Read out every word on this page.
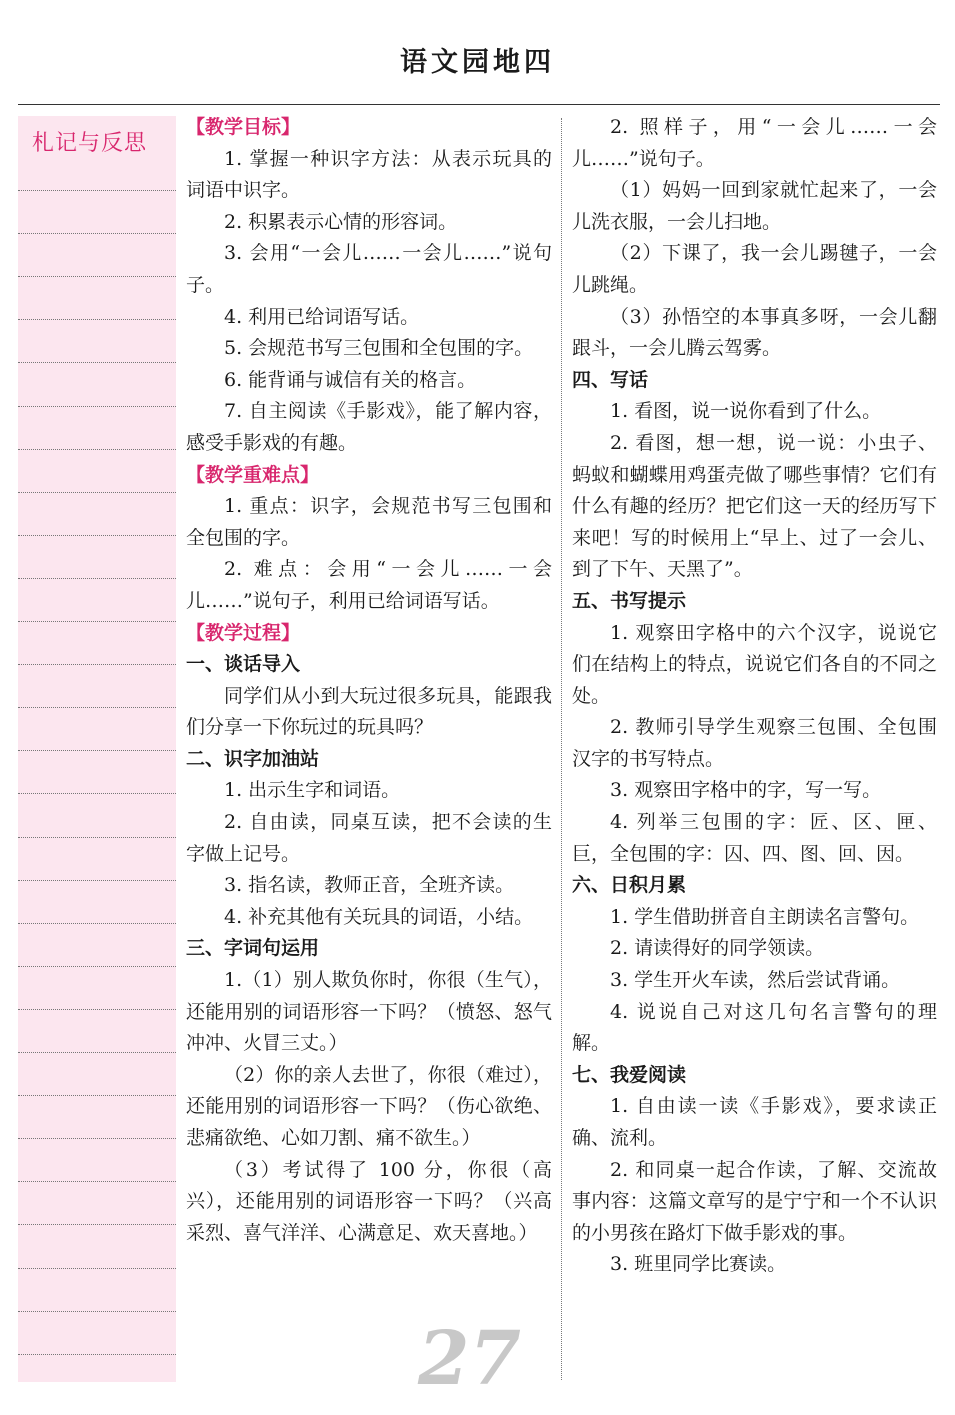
语文园地四
札记与反思
【教学目标】

1. 掌握一种识字方法：从表示玩具的词语中识字。

2. 积累表示心情的形容词。

3. 会用“一会儿……一会儿……”说句子。

4. 利用已给词语写话。

5. 会规范书写三包围和全包围的字。

6. 能背诵与诚信有关的格言。

7. 自主阅读《手影戏》，能了解内容，感受手影戏的有趣。

【教学重难点】

1. 重点：识字，会规范书写三包围和全包围的字。

2. 难点：会用“一会儿……一会儿……”说句子，利用已给词语写话。

【教学过程】
一、谈话导入

同学们从小到大玩过很多玩具，能跟我们分享一下你玩过的玩具吗？

二、识字加油站

1. 出示生字和词语。

2. 自由读，同桌互读，把不会读的生字做上记号。

3. 指名读，教师正音，全班齐读。

4. 补充其他有关玩具的词语，小结。

三、字词句运用

1.（1）别人欺负你时，你很（生气），还能用别的词语形容一下吗？（愤怒、怒气冲冲、火冒三丈。）

（2）你的亲人去世了，你很（难过），还能用别的词语形容一下吗？（伤心欲绝、悲痛欲绝、心如刀割、痛不欲生。）

（3）考试得了 100 分，你很（高兴），还能用别的词语形容一下吗？（兴高采烈、喜气洋洋、心满意足、欢天喜地。）

2. 照样子，用“一会儿……一会儿……”说句子。

（1）妈妈一回到家就忙起来了，一会儿洗衣服，一会儿扫地。

（2）下课了，我一会儿踢毽子，一会儿跳绳。

（3）孙悟空的本事真多呀，一会儿翻跟斗，一会儿腾云驾雾。

四、写话

1. 看图，说一说你看到了什么。

2. 看图，想一想，说一说：小虫子、蚂蚁和蝴蝶用鸡蛋壳做了哪些事情？它们有什么有趣的经历？把它们这一天的经历写下来吧！写的时候用上“早上、过了一会儿、到了下午、天黑了”。

五、书写提示

1. 观察田字格中的六个汉字，说说它们在结构上的特点，说说它们各自的不同之处。

2. 教师引导学生观察三包围、全包围汉字的书写特点。

3. 观察田字格中的字，写一写。

4. 列举三包围的字：匠、区、匣、巨，全包围的字：囚、四、图、回、因。

六、日积月累

1. 学生借助拼音自主朗读名言警句。

2. 请读得好的同学领读。

3. 学生开火车读，然后尝试背诵。

4. 说说自己对这几句名言警句的理解。

七、我爱阅读

1. 自由读一读《手影戏》，要求读正确、流利。

2. 和同桌一起合作读，了解、交流故事内容：这篇文章写的是宁宁和一个不认识的小男孩在路灯下做手影戏的事。

3. 班里同学比赛读。

27
